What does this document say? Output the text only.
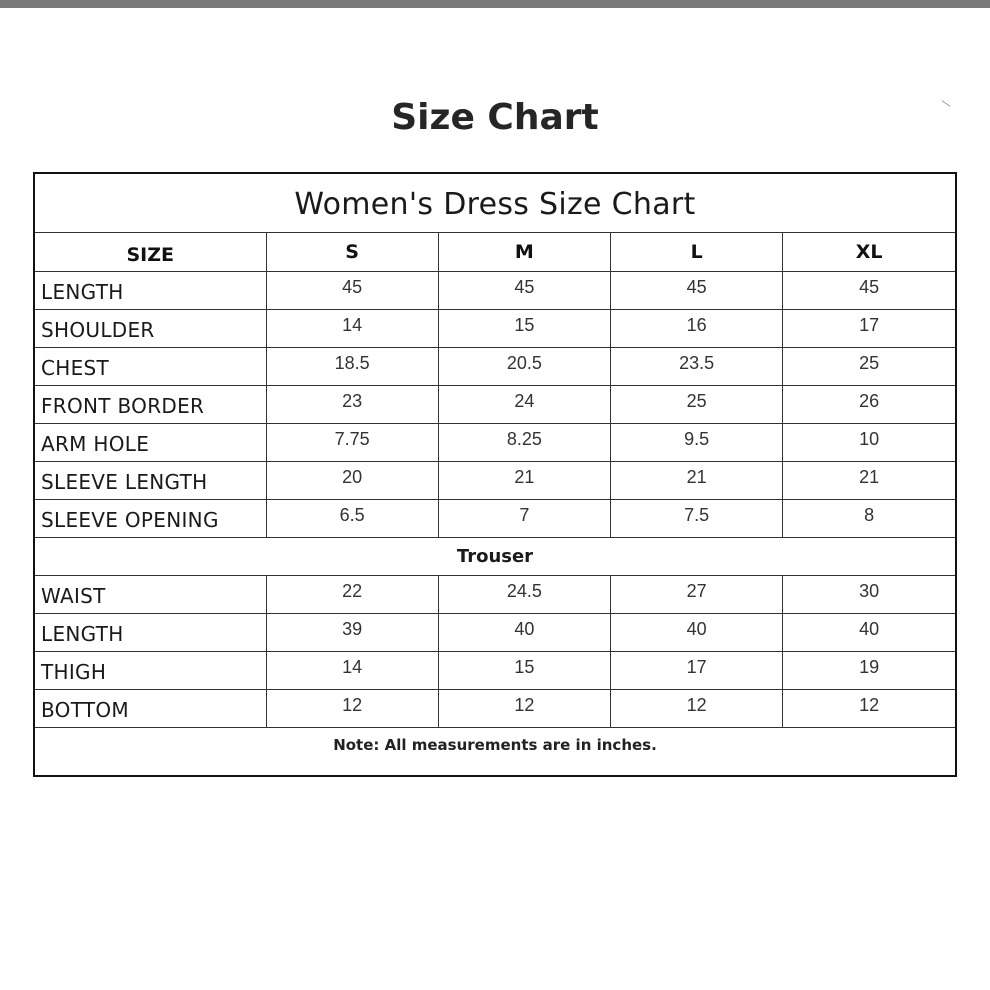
Size Chart
Women's Dress Size Chart
SIZE	S	M	L	XL
LENGTH	45	45	45	45
SHOULDER	14	15	16	17
CHEST	18.5	20.5	23.5	25
FRONT BORDER	23	24	25	26
ARM HOLE	7.75	8.25	9.5	10
SLEEVE LENGTH	20	21	21	21
SLEEVE OPENING	6.5	7	7.5	8
Trouser				
WAIST	22	24.5	27	30
LENGTH	39	40	40	40
THIGH	14	15	17	19
BOTTOM	12	12	12	12
Note: All measurements are in inches.				
